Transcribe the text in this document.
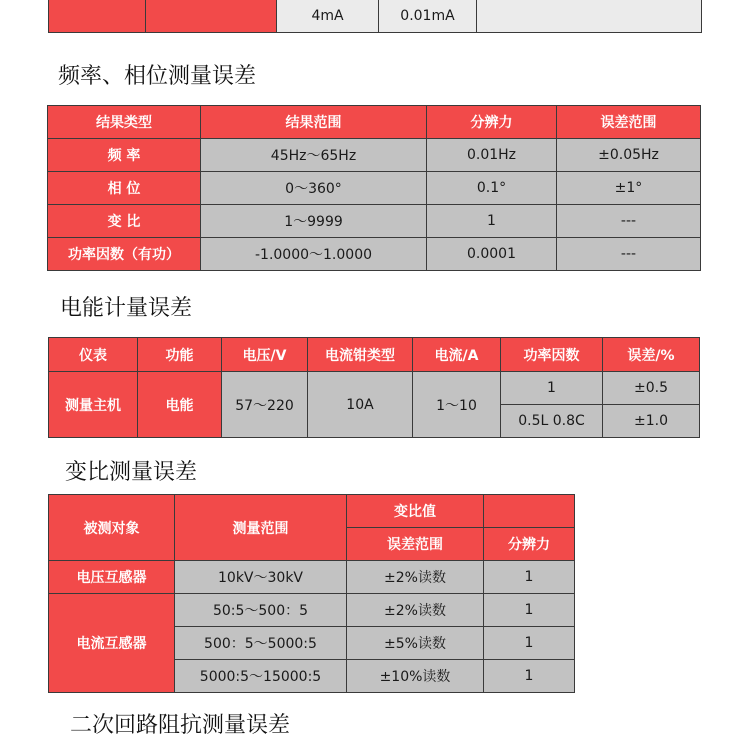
		4mA	0.01mA	
频率、相位测量误差
结果类型	结果范围	分辨力	误差范围
频 率	45Hz～65Hz	0.01Hz	±0.05Hz
相 位	0～360°	0.1°	±1°
变 比	1～9999	1	---
功率因数（有功）	-1.0000～1.0000	0.0001	---
电能计量误差
仪表	功能	电压/V	电流钳类型	电流/A	功率因数	误差/%
测量主机	电能	57～220	10A	1～10	1	±0.5
					0.5L 0.8C	±1.0
变比测量误差
被测对象	测量范围	变比值	
		误差范围	分辨力
电压互感器	10kV～30kV	±2%读数	1
电流互感器	50:5～500：5	±2%读数	1
	500：5～5000:5	±5%读数	1
	5000:5～15000:5	±10%读数	1
二次回路阻抗测量误差
